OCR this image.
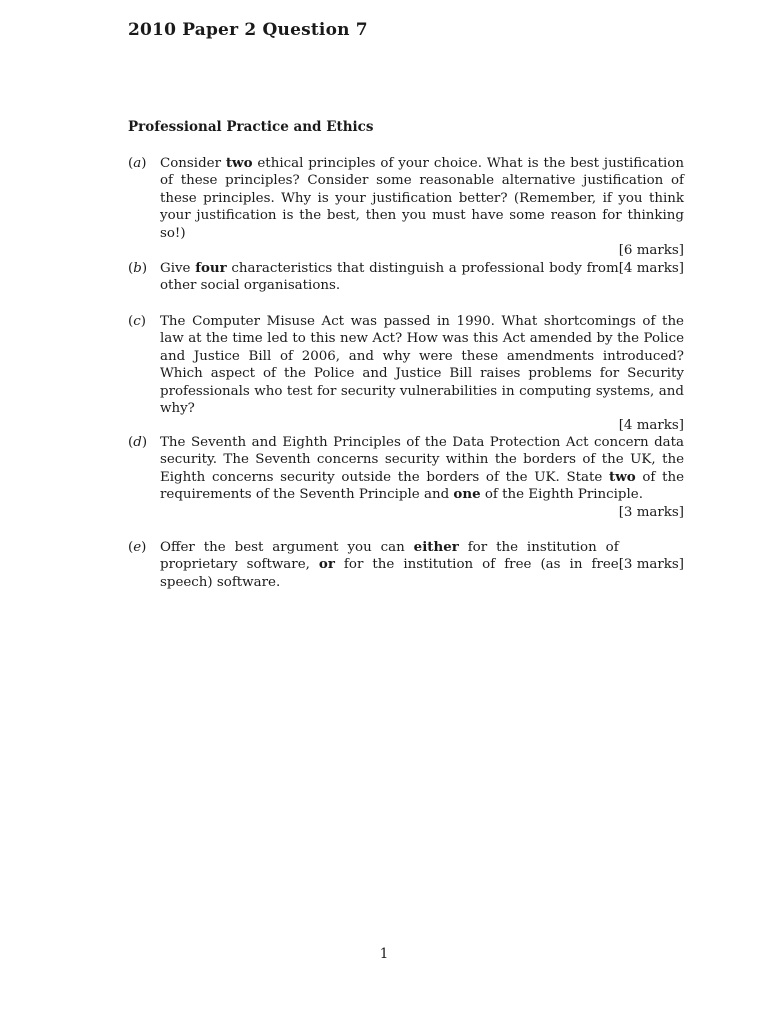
2010 Paper 2 Question 7
Professional Practice and Ethics
(a)	Consider two ethical principles of your choice. What is the best justification of these principles? Consider some reasonable alternative justification of these principles. Why is your justification better? (Remember, if you think your justification is the best, then you must have some reason for thinking so!)
[6 marks]
(b)	[4 marks]
Give four characteristics that distinguish a professional body from other social organisations.
(c)	The Computer Misuse Act was passed in 1990. What shortcomings of the law at the time led to this new Act? How was this Act amended by the Police and Justice Bill of 2006, and why were these amendments introduced? Which aspect of the Police and Justice Bill raises problems for Security professionals who test for security vulnerabilities in computing systems, and why?
[4 marks]
(d) The Seventh and Eighth Principles of the Data Protection Act concern data security. The Seventh concerns security within the borders of the UK, the Eighth concerns security outside the borders of the UK. State two of the requirements of the Seventh Principle and one of the Eighth Principle.
[3 marks]
(e)
[3 marks]
Offer the best argument you can either for the institution of proprietary software, or for the institution of free (as in free speech) software.
1
